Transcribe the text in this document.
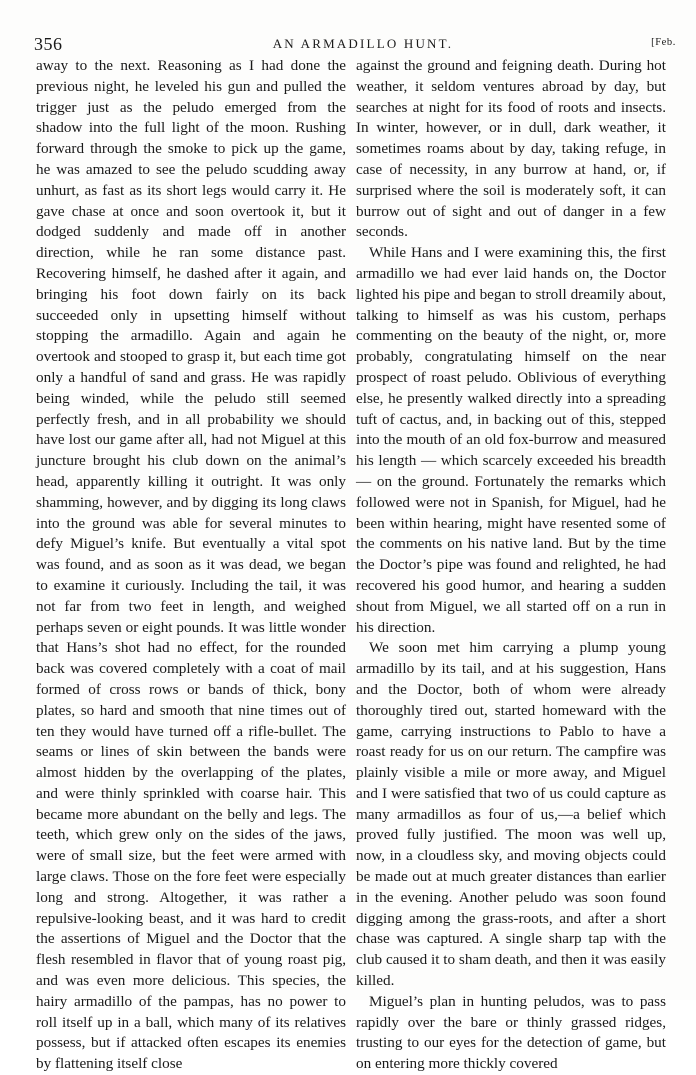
356	AN ARMADILLO HUNT.	[Feb.

away to the next. Reasoning as I had done the previous night, he leveled his gun and pulled the trigger just as the peludo emerged from the shadow into the full light of the moon. Rushing forward through the smoke to pick up the game, he was amazed to see the peludo scudding away unhurt, as fast as its short legs would carry it. He gave chase at once and soon overtook it, but it dodged suddenly and made off in another direction, while he ran some distance past. Recovering himself, he dashed after it again, and bringing his foot down fairly on its back succeeded only in upsetting himself without stopping the armadillo. Again and again he overtook and stooped to grasp it, but each time got only a handful of sand and grass. He was rapidly being winded, while the peludo still seemed perfectly fresh, and in all probability we should have lost our game after all, had not Miguel at this juncture brought his club down on the animal’s head, apparently killing it outright. It was only shamming, however, and by digging its long claws into the ground was able for several minutes to defy Miguel’s knife. But eventually a vital spot was found, and as soon as it was dead, we began to examine it curiously. Including the tail, it was not far from two feet in length, and weighed perhaps seven or eight pounds. It was little wonder that Hans’s shot had no effect, for the rounded back was covered completely with a coat of mail formed of cross rows or bands of thick, bony plates, so hard and smooth that nine times out of ten they would have turned off a rifle-bullet. The seams or lines of skin between the bands were almost hidden by the overlapping of the plates, and were thinly sprinkled with coarse hair. This became more abundant on the belly and legs. The teeth, which grew only on the sides of the jaws, were of small size, but the feet were armed with large claws. Those on the fore feet were especially long and strong. Altogether, it was rather a repulsive-looking beast, and it was hard to credit the assertions of Miguel and the Doctor that the flesh resembled in flavor that of young roast pig, and was even more delicious. This species, the hairy armadillo of the pampas, has no power to roll itself up in a ball, which many of its relatives possess, but if attacked often escapes its enemies by flattening itself close

against the ground and feigning death. During hot weather, it seldom ventures abroad by day, but searches at night for its food of roots and insects. In winter, however, or in dull, dark weather, it sometimes roams about by day, taking refuge, in case of necessity, in any burrow at hand, or, if surprised where the soil is moderately soft, it can burrow out of sight and out of danger in a few seconds.

While Hans and I were examining this, the first armadillo we had ever laid hands on, the Doctor lighted his pipe and began to stroll dreamily about, talking to himself as was his custom, perhaps commenting on the beauty of the night, or, more probably, congratulating himself on the near prospect of roast peludo. Oblivious of everything else, he presently walked directly into a spreading tuft of cactus, and, in backing out of this, stepped into the mouth of an old fox-burrow and measured his length — which scarcely exceeded his breadth — on the ground. Fortunately the remarks which followed were not in Spanish, for Miguel, had he been within hearing, might have resented some of the comments on his native land. But by the time the Doctor’s pipe was found and relighted, he had recovered his good humor, and hearing a sudden shout from Miguel, we all started off on a run in his direction.

We soon met him carrying a plump young armadillo by its tail, and at his suggestion, Hans and the Doctor, both of whom were already thoroughly tired out, started homeward with the game, carrying instructions to Pablo to have a roast ready for us on our return. The campfire was plainly visible a mile or more away, and Miguel and I were satisfied that two of us could capture as many armadillos as four of us,—a belief which proved fully justified. The moon was well up, now, in a cloudless sky, and moving objects could be made out at much greater distances than earlier in the evening. Another peludo was soon found digging among the grass-roots, and after a short chase was captured. A single sharp tap with the club caused it to sham death, and then it was easily killed.

Miguel’s plan in hunting peludos, was to pass rapidly over the bare or thinly grassed ridges, trusting to our eyes for the detection of game, but on entering more thickly covered
